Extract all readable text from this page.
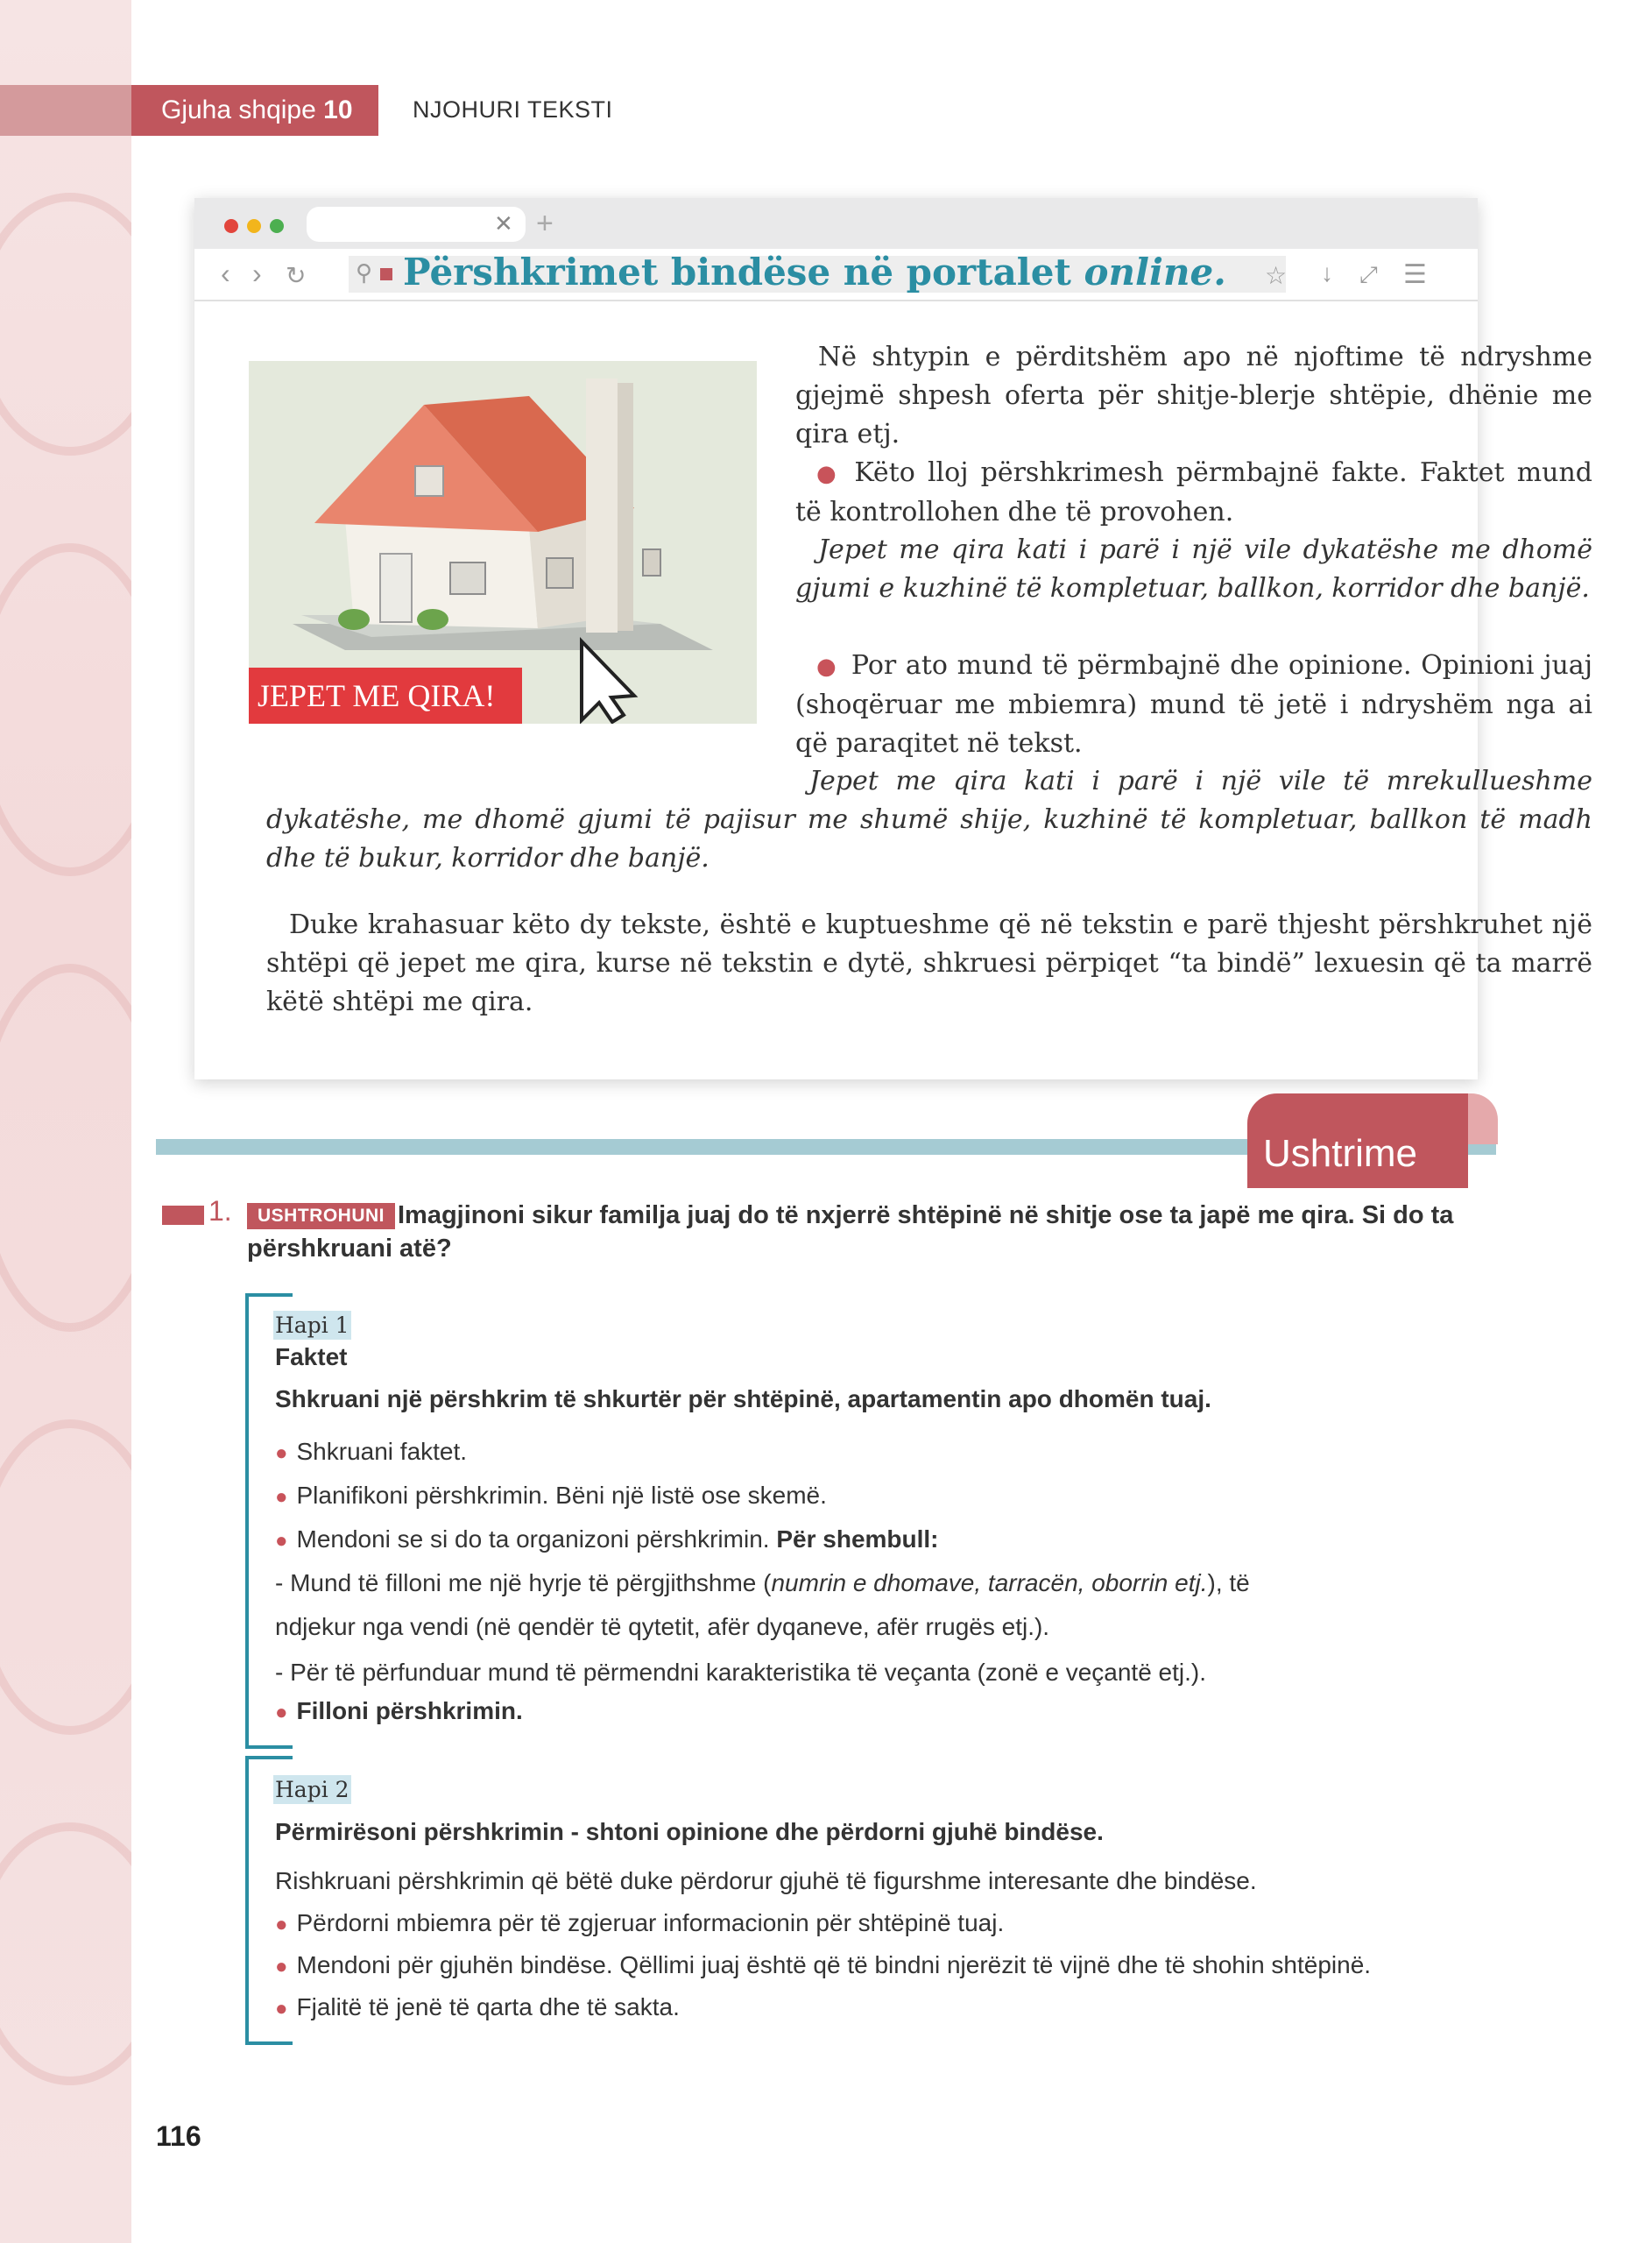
Gjuha shqipe 10	NJOHURI TEKSTI
✕ +
‹ › ↻ ⚲ Përshkrimet bindëse në portalet online. ☆ ↓ ⤢ ☰
JEPET ME QIRA!
Në shtypin e përditshëm apo në njoftime të ndryshme gjejmë shpesh oferta për shitje-blerje shtëpie, dhënie me qira etj.
● Këto lloj përshkrimesh përmbajnë fakte. Faktet mund të kontrollohen dhe të provohen.
Jepet me qira kati i parë i një vile dykatëshe me dhomë gjumi e kuzhinë të kompletuar, ballkon, korridor dhe banjë.
● Por ato mund të përmbajnë dhe opinione. Opinioni juaj (shoqëruar me mbiemra) mund të jetë i ndryshëm nga ai që paraqitet në tekst.
Jepet me qira kati i parë i një vile të mrekullueshme dykatëshe, me dhomë gjumi të pajisur me shumë shije, kuzhinë të kompletuar, ballkon të madh dhe të bukur, korridor dhe banjë.
Duke krahasuar këto dy tekste, është e kuptueshme që në tekstin e parë thjesht përshkruhet një shtëpi që jepet me qira, kurse në tekstin e dytë, shkruesi përpiqet “ta bindë” lexuesin që ta marrë këtë shtëpi me qira.
Ushtrime
1.	Imagjinoni sikur familja juaj do të nxjerrë shtëpinë në shitje ose ta japë me qira. Si do ta përshkruani atë?
USHTROHUNI
Hapi 1
Faktet
Shkruani një përshkrim të shkurtër për shtëpinë, apartamentin apo dhomën tuaj.
● Shkruani faktet.
● Planifikoni përshkrimin. Bëni një listë ose skemë.
● Mendoni se si do ta organizoni përshkrimin. Për shembull:
- Mund të filloni me një hyrje të përgjithshme (numrin e dhomave, tarracën, oborrin etj.), të
ndjekur nga vendi (në qendër të qytetit, afër dyqaneve, afër rrugës etj.).
- Për të përfunduar mund të përmendni karakteristika të veçanta (zonë e veçantë etj.).
● Filloni përshkrimin.
Hapi 2
Përmirësoni përshkrimin - shtoni opinione dhe përdorni gjuhë bindëse.
Rishkruani përshkrimin që bëtë duke përdorur gjuhë të figurshme interesante dhe bindëse.
● Përdorni mbiemra për të zgjeruar informacionin për shtëpinë tuaj.
● Mendoni për gjuhën bindëse. Qëllimi juaj është që të bindni njerëzit të vijnë dhe të shohin shtëpinë.
● Fjalitë të jenë të qarta dhe të sakta.
116
